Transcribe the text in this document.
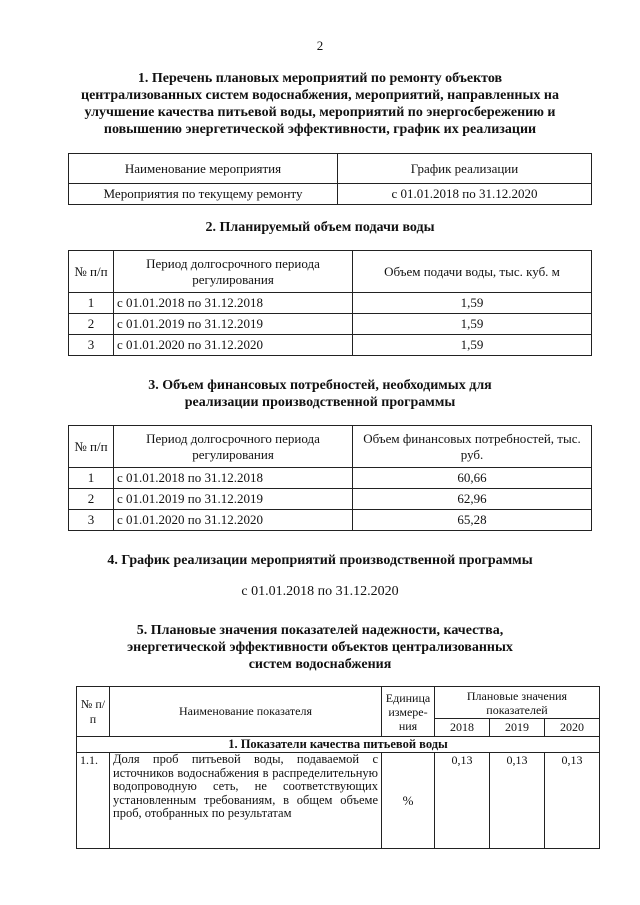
2
1. Перечень плановых мероприятий по ремонту объектов
централизованных систем водоснабжения, мероприятий, направленных на
улучшение качества питьевой воды, мероприятий по энергосбережению и
повышению энергетической эффективности, график их реализации
Наименование мероприятия	График реализации
Мероприятия по текущему ремонту	с 01.01.2018 по 31.12.2020
2. Планируемый объем подачи воды
№ п/п	Период долгосрочного периода регулирования	Объем подачи воды, тыс. куб. м
1	с 01.01.2018 по 31.12.2018	1,59
2	с 01.01.2019 по 31.12.2019	1,59
3	с 01.01.2020 по 31.12.2020	1,59
3. Объем финансовых потребностей, необходимых для
реализации производственной программы
№ п/п	Период долгосрочного периода регулирования	Объем финансовых потребностей, тыс. руб.
1	с 01.01.2018 по 31.12.2018	60,66
2	с 01.01.2019 по 31.12.2019	62,96
3	с 01.01.2020 по 31.12.2020	65,28
4. График реализации мероприятий производственной программы
с 01.01.2018 по 31.12.2020
5. Плановые значения показателей надежности, качества,
энергетической эффективности объектов централизованных
систем водоснабжения
№ п/п	Наименование показателя	Единица измере-ния	Плановые значения показателей		
			2018	2019	2020
1. Показатели качества питьевой воды					
1.1.	Доля проб питьевой воды, подаваемой с источников водоснабжения в распределительную водопроводную сеть, не соответствующих установленным требованиям, в общем объеме проб, отобранных по результатам	%	0,13	0,13	0,13
